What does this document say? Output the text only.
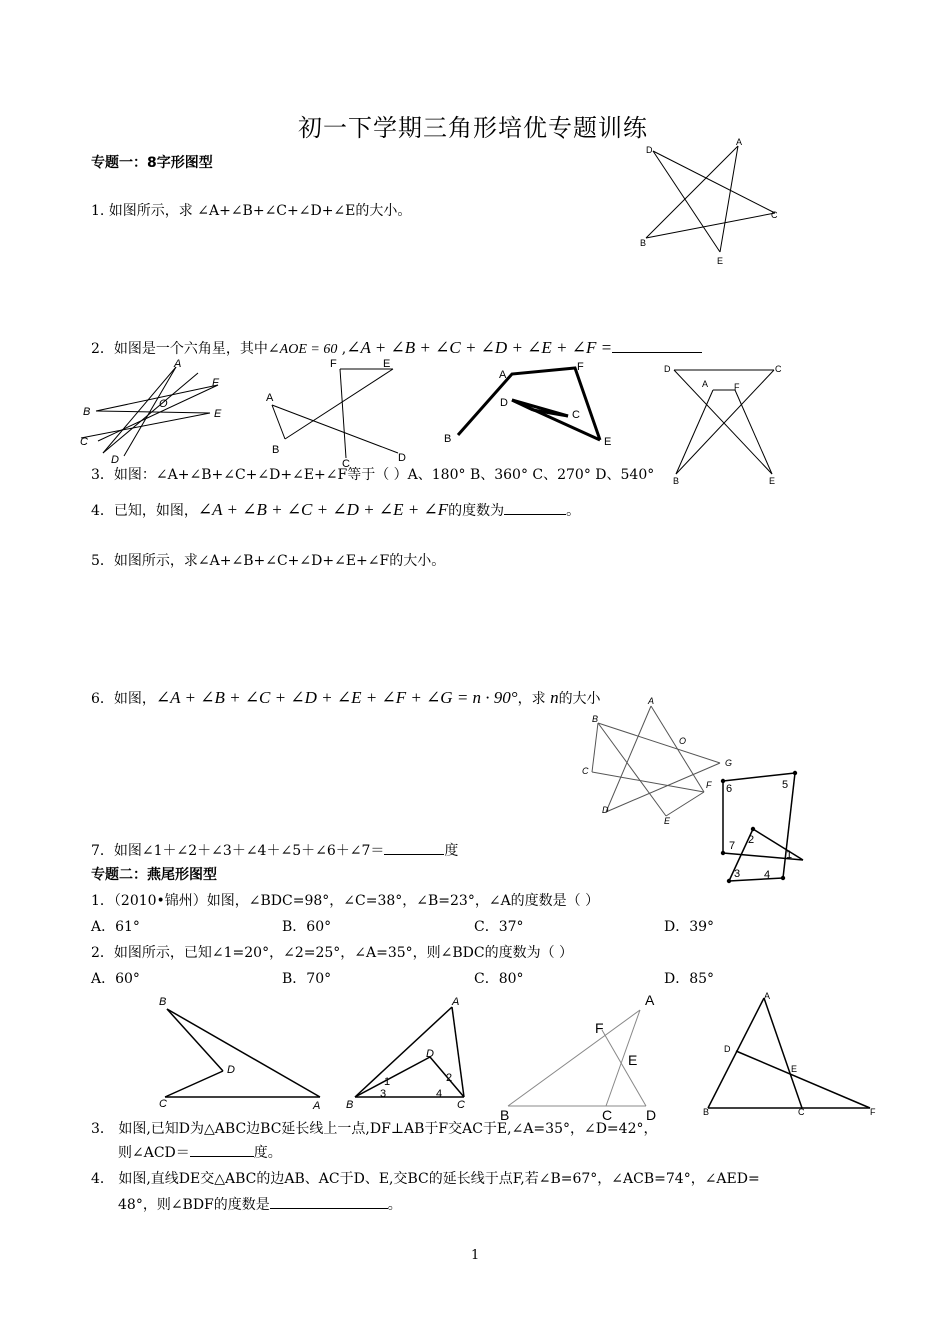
初一下学期三角形培优专题训练
专题一：8字形图型
1. 如图所示，求 ∠A+∠B+∠C+∠D+∠E的大小。
D
A
C
B
E
2．如图是一个六角星，其中∠AOE = 60 ,∠A + ∠B + ∠C + ∠D + ∠E + ∠F =
A
F
B
O
E
C
D
F	E
A
B
C	D
A
F
D
C
B	E
D	C
A	F
B	E
3．如图：∠A+∠B+∠C+∠D+∠E+∠F等于（ ）A、180° B、360° C、270° D、540°
4．已知，如图，∠A + ∠B + ∠C + ∠D + ∠E + ∠F的度数为	。
5．如图所示，求∠A+∠B+∠C+∠D+∠E+∠F的大小。
6．如图，∠A + ∠B + ∠C + ∠D + ∠E + ∠F + ∠G = n · 90°，求 n的大小	A
B
O
G
C
F
D
E
6	5
2
7
1
3 4
7．如图∠1＋∠2＋∠3＋∠4＋∠5＋∠6＋∠7＝	度
专题二：燕尾形图型
1．（2010•锦州）如图，∠BDC=98°，∠C=38°，∠B=23°，∠A的度数是（ ）
A．61°	B．60°	C．37°	D．39°
2．如图所示，已知∠1=20°，∠2=25°，∠A=35°，则∠BDC的度数为（ ）
A．60°	B．70°	C．80°	D．85°
B
D
C	A
A
D
1	2
3	4
B	C
A
F
E
B	C D
A
D
E
B	C	F
3． 如图,已知D为△ABC边BC延长线上一点,DF⊥AB于F交AC于E,∠A=35°，∠D=42°，
则∠ACD＝	度。
4． 如图,直线DE交△ABC的边AB、AC于D、E,交BC的延长线于点F,若∠B=67°，∠ACB=74°，∠AED=
48°，则∠BDF的度数是	。
1
